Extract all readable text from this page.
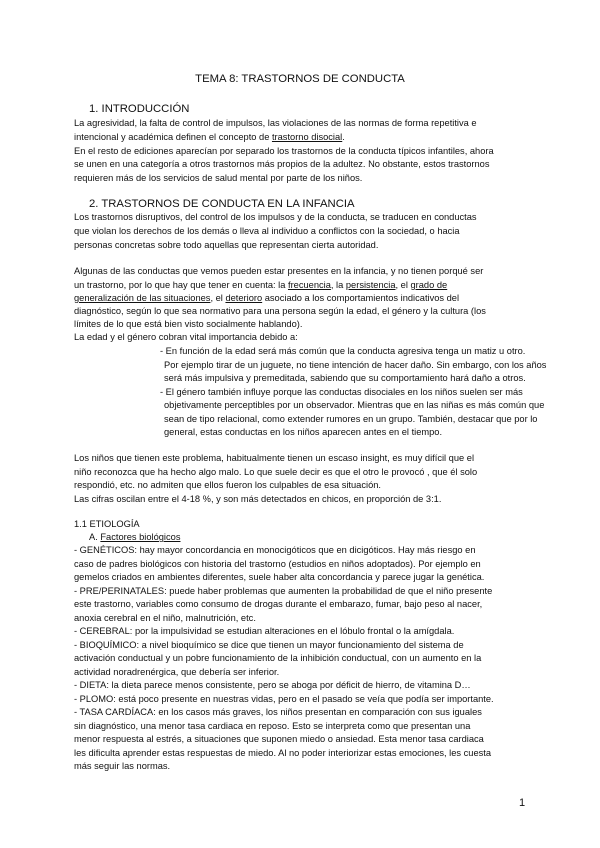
TEMA 8: TRASTORNOS DE CONDUCTA
1. INTRODUCCIÓN
La agresividad, la falta de control de impulsos, las violaciones de las normas de forma repetitiva e
intencional y académica definen el concepto de trastorno disocial.
En el resto de ediciones aparecían por separado los trastornos de la conducta típicos infantiles, ahora
se unen en una categoría a otros trastornos más propios de la adultez. No obstante, estos trastornos
requieren más de los servicios de salud mental por parte de los niños.
2. TRASTORNOS DE CONDUCTA EN LA INFANCIA
Los trastornos disruptivos, del control de los impulsos y de la conducta, se traducen en conductas
que violan los derechos de los demás o lleva al individuo a conflictos con la sociedad, o hacia
personas concretas sobre todo aquellas que representan cierta autoridad.
Algunas de las conductas que vemos pueden estar presentes en la infancia, y no tienen porqué ser
un trastorno, por lo que hay que tener en cuenta: la frecuencia, la persistencia, el grado de
generalización de las situaciones, el deterioro asociado a los comportamientos indicativos del
diagnóstico, según lo que sea normativo para una persona según la edad, el género y la cultura (los
límites de lo que está bien visto socialmente hablando).
La edad y el género cobran vital importancia debido a:
- En función de la edad será más común que la conducta agresiva tenga un matiz u otro.
Por ejemplo tirar de un juguete, no tiene intención de hacer daño. Sin embargo, con los años
será más impulsiva y premeditada, sabiendo que su comportamiento hará daño a otros.
- El género también influye porque las conductas disociales en los niños suelen ser más
objetivamente perceptibles por un observador. Mientras que en las niñas es más común que
sean de tipo relacional, como extender rumores en un grupo. También, destacar que por lo
general, estas conductas en los niños aparecen antes en el tiempo.
Los niños que tienen este problema, habitualmente tienen un escaso insight, es muy difícil que el
niño reconozca que ha hecho algo malo. Lo que suele decir es que el otro le provocó , que él solo
respondió, etc. no admiten que ellos fueron los culpables de esa situación.
Las cifras oscilan entre el 4-18 %, y son más detectados en chicos, en proporción de 3:1.
1.1 ETIOLOGÍA
A. Factores biológicos
- GENÉTICOS: hay mayor concordancia en monocigóticos que en dicigóticos. Hay más riesgo en
caso de padres biológicos con historia del trastorno (estudios en niños adoptados). Por ejemplo en
gemelos criados en ambientes diferentes, suele haber alta concordancia y parece jugar la genética.
- PRE/PERINATALES: puede haber problemas que aumenten la probabilidad de que el niño presente
este trastorno, variables como consumo de drogas durante el embarazo, fumar, bajo peso al nacer,
anoxia cerebral en el niño, malnutrición, etc.
- CEREBRAL: por la impulsividad se estudian alteraciones en el lóbulo frontal o la amígdala.
- BIOQUÍMICO: a nivel bioquímico se dice que tienen un mayor funcionamiento del sistema de
activación conductual y un pobre funcionamiento de la inhibición conductual, con un aumento en la
actividad noradrenérgica, que debería ser inferior.
- DIETA: la dieta parece menos consistente, pero se aboga por déficit de hierro, de vitamina D…
- PLOMO: está poco presente en nuestras vidas, pero en el pasado se veía que podía ser importante.
- TASA CARDÍACA: en los casos más graves, los niños presentan en comparación con sus iguales
sin diagnóstico, una menor tasa cardiaca en reposo. Esto se interpreta como que presentan una
menor respuesta al estrés, a situaciones que suponen miedo o ansiedad. Esta menor tasa cardiaca
les dificulta aprender estas respuestas de miedo. Al no poder interiorizar estas emociones, les cuesta
más seguir las normas.
1
